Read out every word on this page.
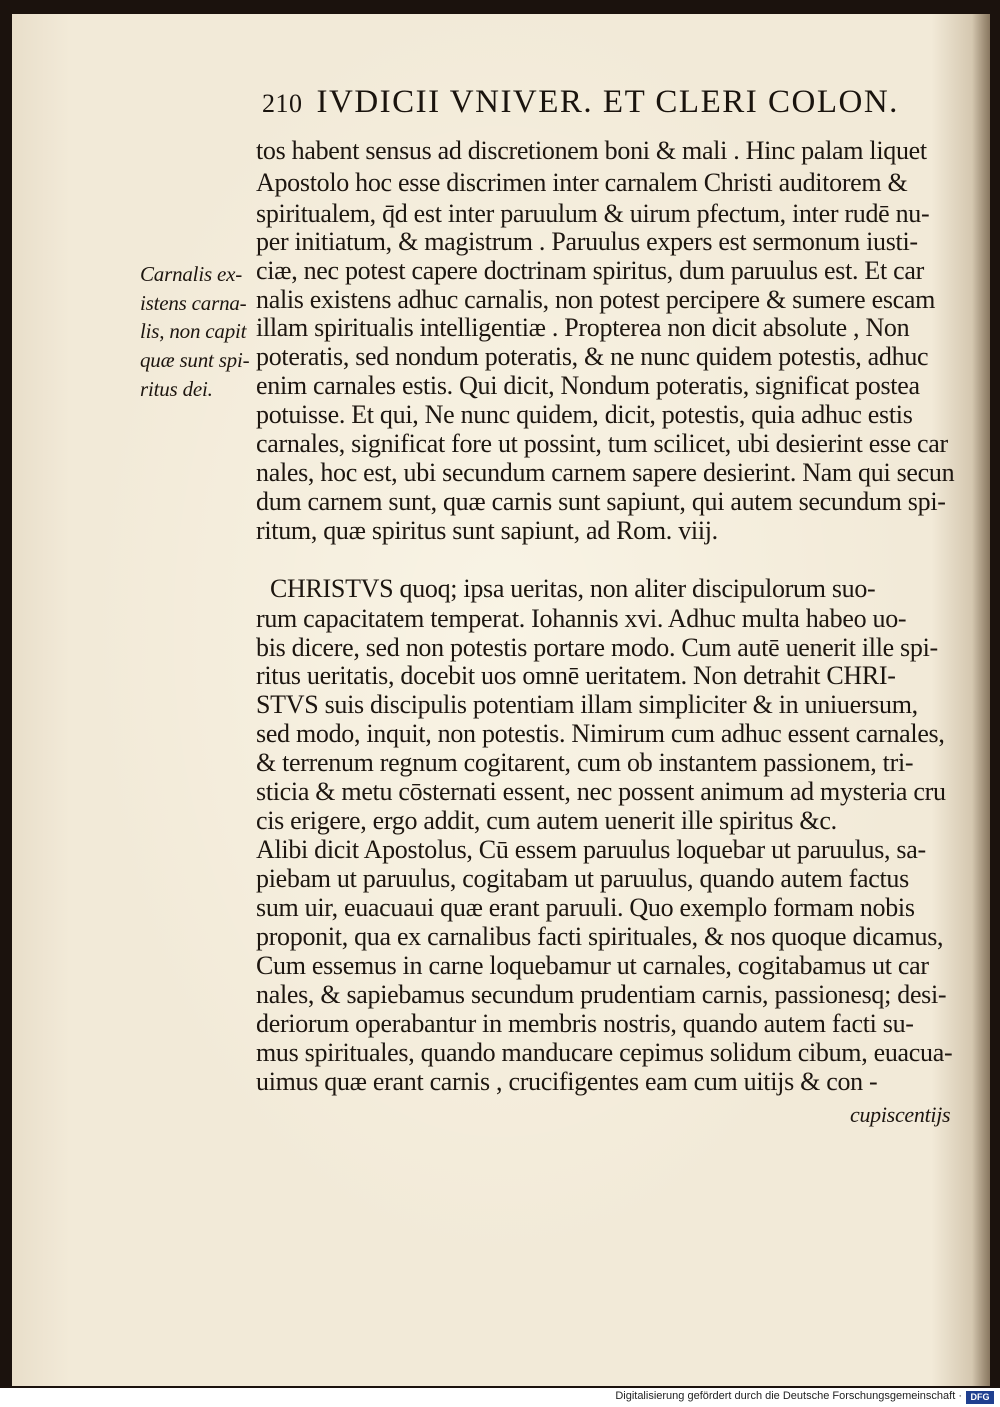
210 IVDICII VNIVER. ET CLERI COLON.
tos habent sensus ad discretionem boni & mali . Hinc palam liquet
Apostolo hoc esse discrimen inter carnalem Christi auditorem &
spiritualem, q̄d est inter paruulum & uirum pfectum, inter rudē nu-
per initiatum, & magistrum . Paruulus expers est sermonum iusti-
ciæ, nec potest capere doctrinam spiritus, dum paruulus est. Et car
nalis existens adhuc carnalis, non potest percipere & sumere escam
illam spiritualis intelligentiæ . Propterea non dicit absolute , Non
poteratis, sed nondum poteratis, & ne nunc quidem potestis, adhuc
enim carnales estis. Qui dicit, Nondum poteratis, significat postea
potuisse. Et qui, Ne nunc quidem, dicit, potestis, quia adhuc estis
carnales, significat fore ut possint, tum scilicet, ubi desierint esse car
nales, hoc est, ubi secundum carnem sapere desierint. Nam qui secun
dum carnem sunt, quæ carnis sunt sapiunt, qui autem secundum spi-
ritum, quæ spiritus sunt sapiunt, ad Rom. viij.
CHRISTVS quoq; ipsa ueritas, non aliter discipulorum suo-
rum capacitatem temperat. Iohannis xvi. Adhuc multa habeo uo-
bis dicere, sed non potestis portare modo. Cum autē uenerit ille spi-
ritus ueritatis, docebit uos omnē ueritatem. Non detrahit CHRI-
STVS suis discipulis potentiam illam simpliciter & in uniuersum,
sed modo, inquit, non potestis. Nimirum cum adhuc essent carnales,
& terrenum regnum cogitarent, cum ob instantem passionem, tri-
sticia & metu cōsternati essent, nec possent animum ad mysteria cru
cis erigere, ergo addit, cum autem uenerit ille spiritus &c.
Alibi dicit Apostolus, Cū essem paruulus loquebar ut paruulus, sa-
piebam ut paruulus, cogitabam ut paruulus, quando autem factus
sum uir, euacuaui quæ erant paruuli. Quo exemplo formam nobis
proponit, qua ex carnalibus facti spirituales, & nos quoque dicamus,
Cum essemus in carne loquebamur ut carnales, cogitabamus ut car
nales, & sapiebamus secundum prudentiam carnis, passionesq; desi-
deriorum operabantur in membris nostris, quando autem facti su-
mus spirituales, quando manducare cepimus solidum cibum, euacua-
uimus quæ erant carnis , crucifigentes eam cum uitijs & con -
cupiscentijs
Carnalis ex-
istens carna-
lis, non capit
quæ sunt spi-
ritus dei.
Digitalisierung gefördert durch die Deutsche Forschungsgemeinschaft · DFG
